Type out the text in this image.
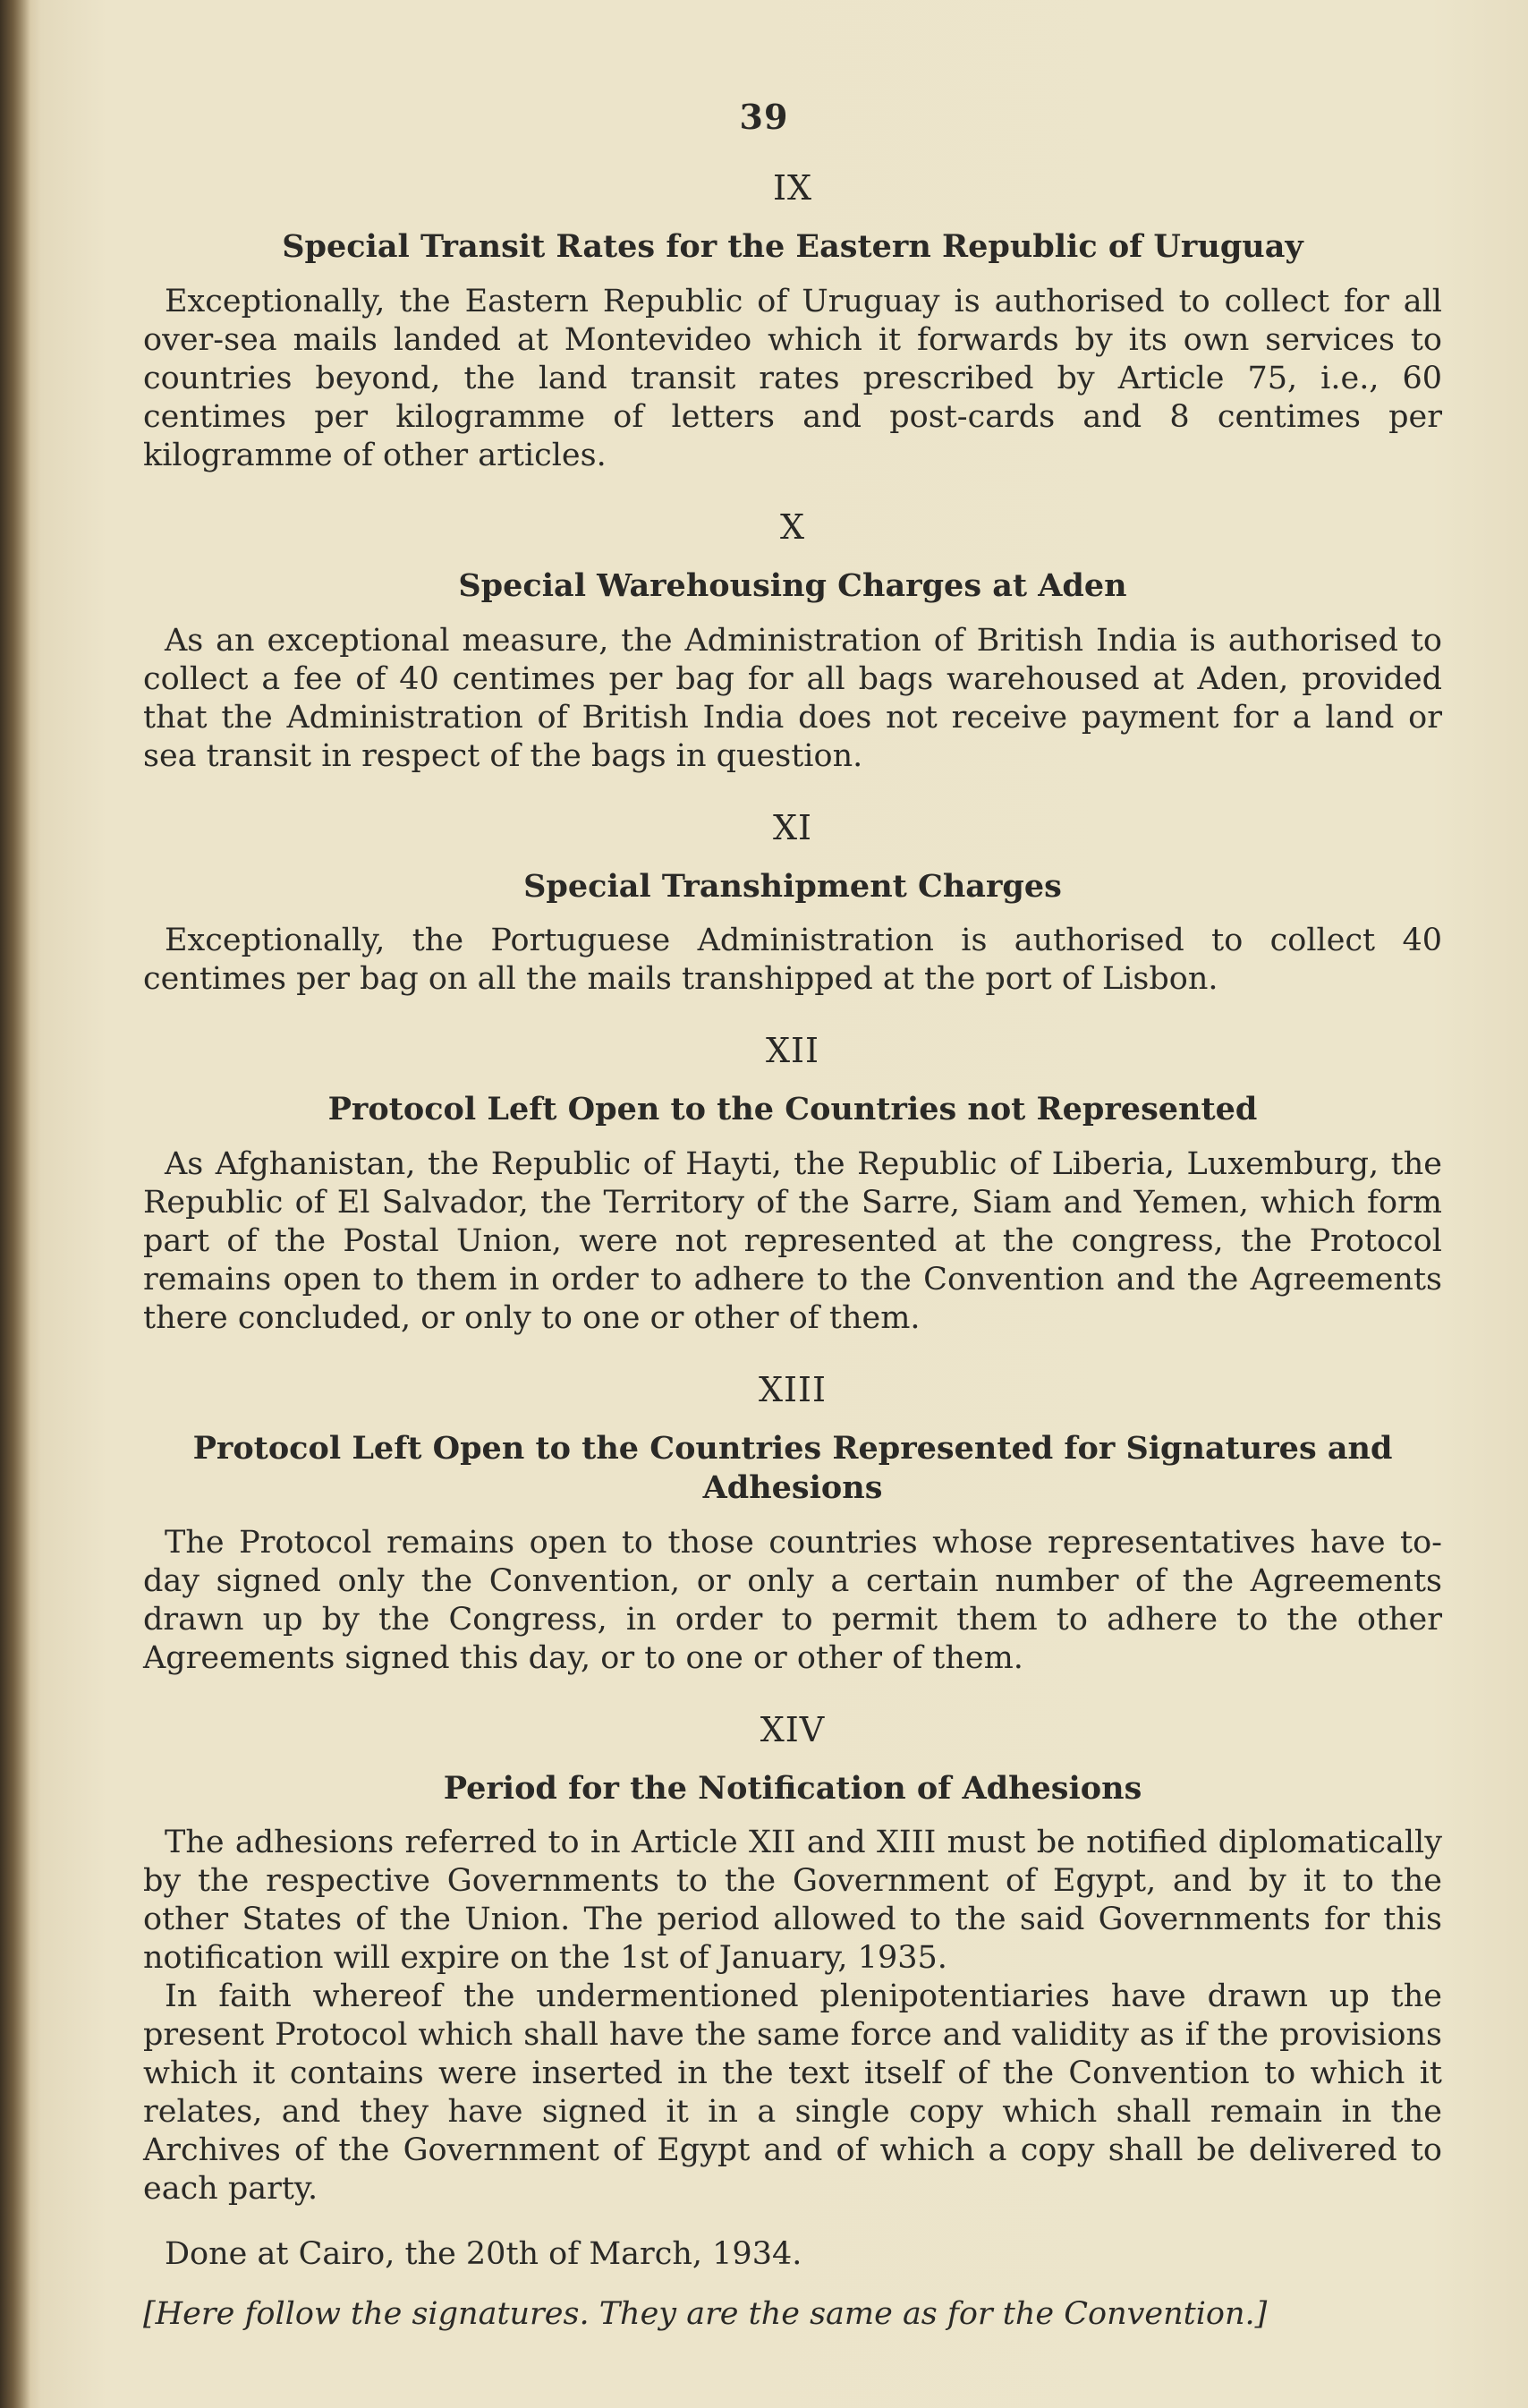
39
IX
Special Transit Rates for the Eastern Republic of Uruguay

Exceptionally, the Eastern Republic of Uruguay is authorised to collect for all over-sea mails landed at Montevideo which it forwards by its own services to countries beyond, the land transit rates prescribed by Article 75, i.e., 60 centimes per kilogramme of letters and post-cards and 8 centimes per kilogramme of other articles.

X
Special Warehousing Charges at Aden

As an exceptional measure, the Administration of British India is authorised to collect a fee of 40 centimes per bag for all bags warehoused at Aden, provided that the Administration of British India does not receive payment for a land or sea transit in respect of the bags in question.

XI
Special Transhipment Charges

Exceptionally, the Portuguese Administration is authorised to collect 40 centimes per bag on all the mails transhipped at the port of Lisbon.

XII
Protocol Left Open to the Countries not Represented

As Afghanistan, the Republic of Hayti, the Republic of Liberia, Luxemburg, the Republic of El Salvador, the Territory of the Sarre, Siam and Yemen, which form part of the Postal Union, were not represented at the congress, the Protocol remains open to them in order to adhere to the Convention and the Agreements there concluded, or only to one or other of them.

XIII
Protocol Left Open to the Countries Represented for Signatures and Adhesions

The Protocol remains open to those countries whose representatives have to-day signed only the Convention, or only a certain number of the Agreements drawn up by the Congress, in order to permit them to adhere to the other Agreements signed this day, or to one or other of them.

XIV
Period for the Notification of Adhesions

The adhesions referred to in Article XII and XIII must be notified diplomatically by the respective Governments to the Government of Egypt, and by it to the other States of the Union. The period allowed to the said Governments for this notification will expire on the 1st of January, 1935.

In faith whereof the undermentioned plenipotentiaries have drawn up the present Protocol which shall have the same force and validity as if the provisions which it contains were inserted in the text itself of the Convention to which it relates, and they have signed it in a single copy which shall remain in the Archives of the Government of Egypt and of which a copy shall be delivered to each party.

Done at Cairo, the 20th of March, 1934.
[Here follow the signatures. They are the same as for the Convention.]
